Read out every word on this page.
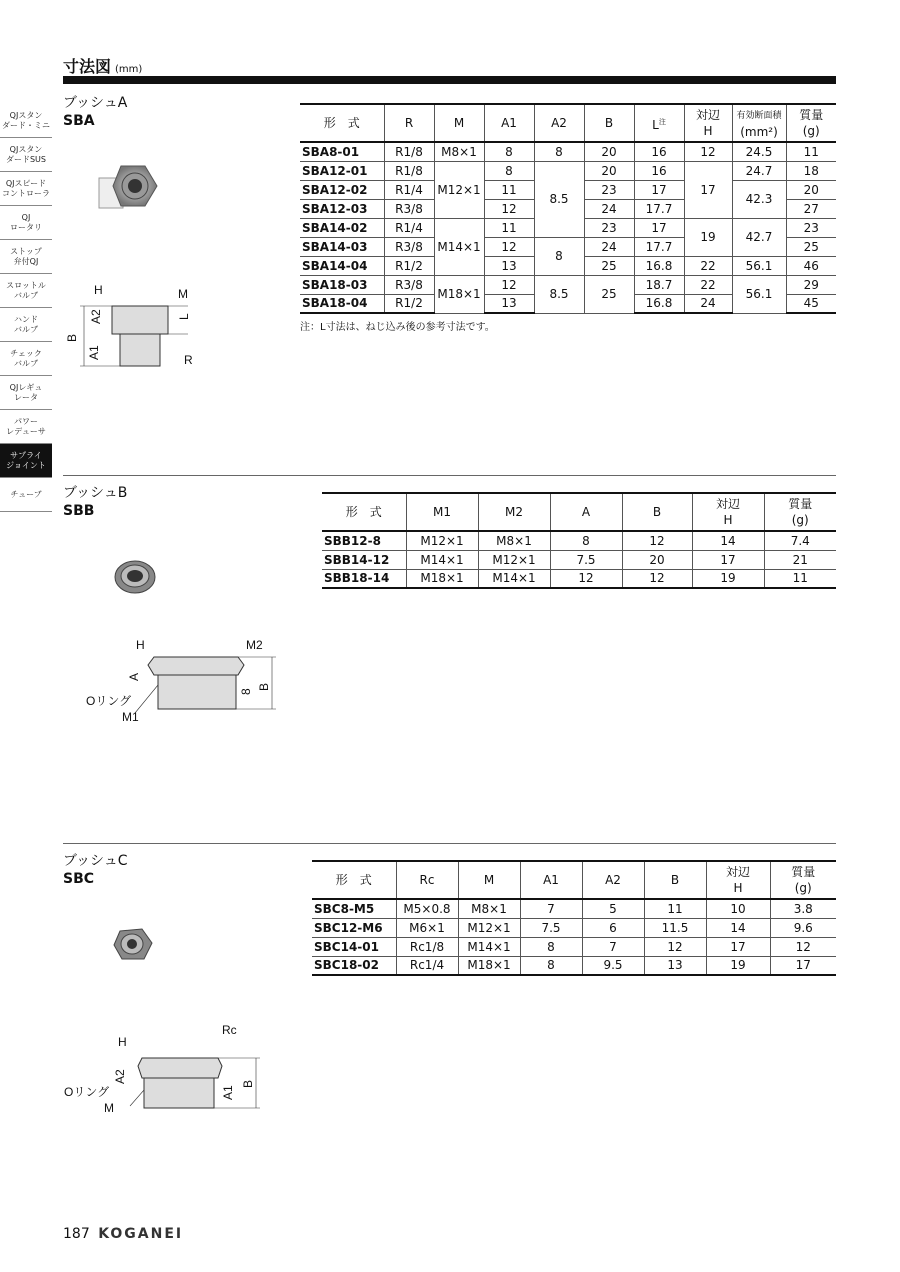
寸法図 (mm)
QJスタン
ダード・ミニ
QJスタン
ダードSUS
QJスピード
コントローラ
QJ
ロータリ
ストップ
弁付QJ
スロットル
バルブ
ハンド
バルブ
チェック
バルブ
QJレギュ
レータ
パワー
レデューサ
サプライ
ジョイント
チューブ
ブッシュA
SBA
H	M
A2	L
B
A1	R
形　式	R	M	A1	A2	B	$L^注$	対辺
H	有効断面積
(mm²)	質量
(g)
SBA8-01	R1/8	M8×1	8	8	20	16	12	24.5	11
SBA12-01	R1/8	M12×1	8	8.5	20	16	17	24.7	18
SBA12-02	R1/4		11		23	17		42.3	20
SBA12-03	R3/8		12		24	17.7			27
SBA14-02	R1/4	M14×1	11		23	17	19	42.7	23
SBA14-03	R3/8		12	8	24	17.7			25
SBA14-04	R1/2		13		25	16.8	22	56.1	46
SBA18-03	R3/8	M18×1	12	8.5	25	18.7	22	56.1	29
SBA18-04	R1/2		13			16.8	24		45
注：L寸法は、ねじ込み後の参考寸法です。
ブッシュB
SBB
H	M2
A
B
8
Oリング
M1
形　式	M1	M2	A	B	対辺
H	質量
(g)
SBB12-8	M12×1	M8×1	8	12	14	7.4
SBB14-12	M14×1	M12×1	7.5	20	17	21
SBB18-14	M18×1	M14×1	12	12	19	11
ブッシュC
SBC
Rc
H
A2	B
A1
Oリング
M
形　式	Rc	M	A1	A2	B	対辺
H	質量
(g)
SBC8-M5	M5×0.8	M8×1	7	5	11	10	3.8
SBC12-M6	M6×1	M12×1	7.5	6	11.5	14	9.6
SBC14-01	Rc1/8	M14×1	8	7	12	17	12
SBC18-02	Rc1/4	M18×1	8	9.5	13	19	17
187 KOGANEI
